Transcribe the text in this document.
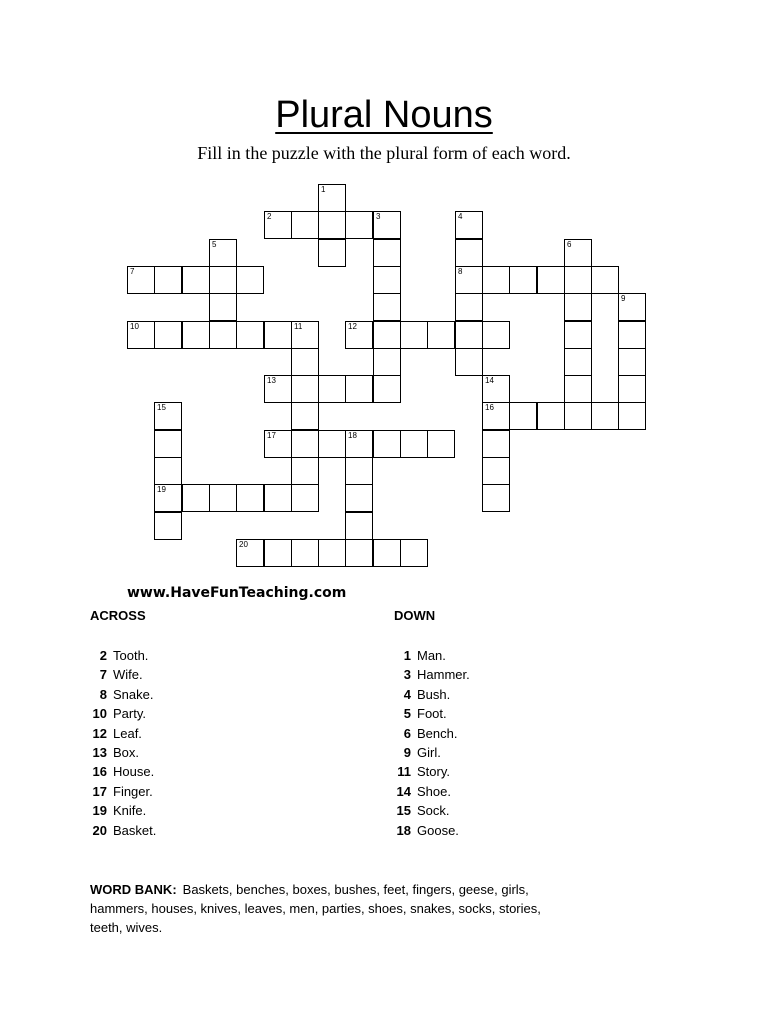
Plural Nouns
Fill in the puzzle with the plural form of each word.
1
2	3	4
8
5	6
7
9
10	11	12
13	14
16
15
19
17	18
20
www.HaveFunTeaching.com
ACROSS	DOWN
2 Tooth.
7 Wife.
8 Snake.
10 Party.
12 Leaf.
13 Box.
16 House.
17 Finger.
19 Knife.
20 Basket.
1 Man.
3 Hammer.
4 Bush.
5 Foot.
6 Bench.
9 Girl.
11 Story.
14 Shoe.
15 Sock.
18 Goose.
WORD BANK: Baskets, benches, boxes, bushes, feet, fingers, geese, girls, hammers, houses, knives, leaves, men, parties, shoes, snakes, socks, stories, teeth, wives.
